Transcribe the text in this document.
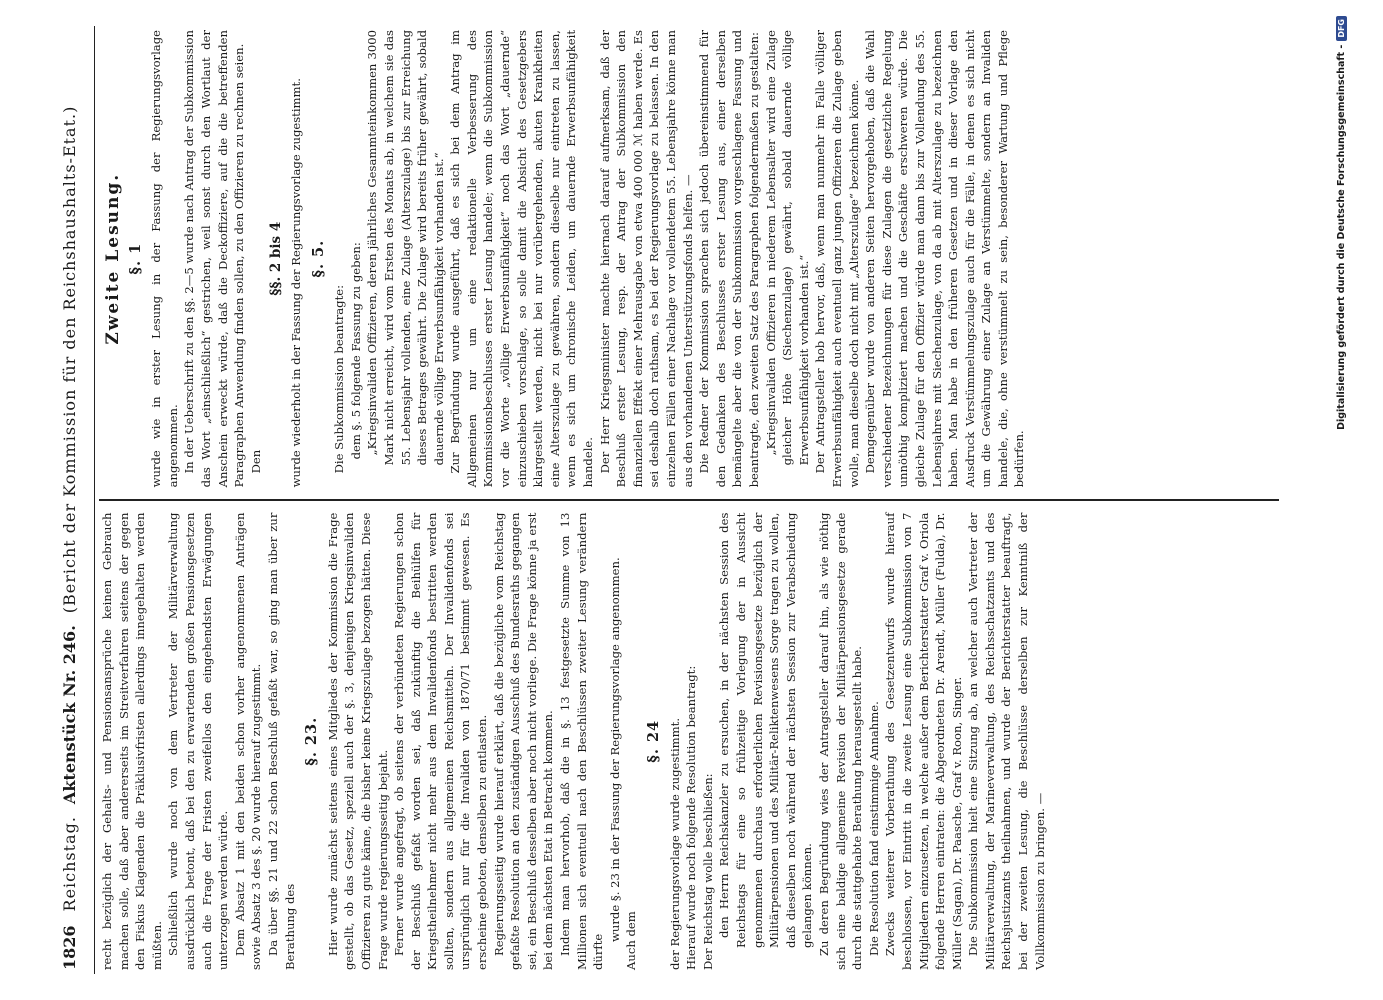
1826
Reichstag.
Aktenstück Nr. 246.
(Bericht der Kommission für den Reichshaushalts-Etat.)

recht bezüglich der Gehalts- und Pensionsansprüche keinen Gebrauch machen solle, daß aber andererseits im Streitverfahren seitens der gegen den Fiskus Klagenden die Präklusivfristen allerdings innegehalten werden müßten. Schließlich wurde noch von dem Vertreter der Militärverwaltung ausdrücklich betont, daß bei den zu erwartenden großen Pensionsgesetzen auch die Frage der Fristen zweifellos den eingehendsten Erwägungen unterzogen werden würde. Dem Absatz 1 mit den beiden schon vorher angenommenen Anträgen sowie Absatz 3 des §. 20 wurde hierauf zugestimmt. Da über §§. 21 und 22 schon Beschluß gefaßt war, so ging man über zur Berathung des

§. 23. Hier wurde zunächst seitens eines Mitgliedes der Kommission die Frage gestellt, ob das Gesetz, speziell auch der §. 3, denjenigen Kriegsinvaliden Offizieren zu gute käme, die bisher keine Kriegszulage bezogen hätten. Diese Frage wurde regierungsseitig bejaht. Ferner wurde angefragt, ob seitens der verbündeten Regierungen schon der Beschluß gefaßt worden sei, daß zukünftig die Beihülfen für Kriegstheilnehmer nicht mehr aus dem Invalidenfonds bestritten werden sollten, sondern aus allgemeinen Reichsmitteln. Der Invalidenfonds sei ursprünglich nur für die Invaliden von 1870/71 bestimmt gewesen. Es erscheine geboten, denselben zu entlasten. Regierungsseitig wurde hierauf erklärt, daß die bezügliche vom Reichstag gefaßte Resolution an den zuständigen Ausschuß des Bundesraths gegangen sei, ein Beschluß desselben aber noch nicht vorliege. Die Frage könne ja erst bei dem nächsten Etat in Betracht kommen. Indem man hervorhob, daß die in §. 13 festgesetzte Summe von 13 Millionen sich eventuell nach den Beschlüssen zweiter Lesung verändern dürfte

wurde §. 23 in der Fassung der Regierungsvorlage angenommen. Auch dem

§. 24 der Regierungsvorlage wurde zugestimmt. Hierauf wurde noch folgende Resolution beantragt: Der Reichstag wolle beschließen: den Herrn Reichskanzler zu ersuchen, in der nächsten Session des Reichstags für eine so frühzeitige Vorlegung der in Aussicht genommenen durchaus erforderlichen Revisionsgesetze bezüglich der Militärpensionen und des Militär-Reliktenwesens Sorge tragen zu wollen, daß dieselben noch während der nächsten Session zur Verabschiedung gelangen können. Zu deren Begründung wies der Antragsteller darauf hin, als wie nöthig sich eine baldige allgemeine Revision der Militärpensionsgesetze gerade durch die stattgehabte Berathung herausgestellt habe. Die Resolution fand einstimmige Annahme. Zwecks weiterer Vorberathung des Gesetzentwurfs wurde hierauf beschlossen, vor Eintritt in die zweite Lesung eine Subkommission von 7 Mitgliedern einzusetzen, in welche außer dem Berichterstatter Graf v. Oriola folgende Herren eintraten: die Abgeordneten Dr. Arendt, Müller (Fulda), Dr. Müller (Sagan), Dr. Paasche, Graf v. Roon, Singer. Die Subkommission hielt eine Sitzung ab, an welcher auch Vertreter der Militärverwaltung, der Marineverwaltung, des Reichsschatzamts und des Reichsjustizamts theilnahmen, und wurde der Berichterstatter beauftragt, bei der zweiten Lesung, die Beschlüsse derselben zur Kenntniß der Vollkommission zu bringen. —

Zweite Lesung. §. 1 wurde wie in erster Lesung in der Fassung der Regierungsvorlage angenommen. In der Ueberschrift zu den §§. 2—5 wurde nach Antrag der Subkommission das Wort „einschließlich“ gestrichen, weil sonst durch den Wortlaut der Anschein erweckt würde, daß die Deckoffiziere, auf die die betreffenden Paragraphen Anwendung finden sollen, zu den Offizieren zu rechnen seien. Den

§§. 2 bis 4 wurde wiederholt in der Fassung der Regierungsvorlage zugestimmt. §. 5.

Die Subkommission beantragte: dem §. 5 folgende Fassung zu geben: „Kriegsinvaliden Offizieren, deren jährliches Gesammteinkommen 3000 Mark nicht erreicht, wird vom Ersten des Monats ab, in welchem sie das 55. Lebensjahr vollenden, eine Zulage (Alterszulage) bis zur Erreichung dieses Betrages gewährt. Die Zulage wird bereits früher gewährt, sobald dauernde völlige Erwerbsunfähigkeit vorhanden ist.“ Zur Begründung wurde ausgeführt, daß es sich bei dem Antrag im Allgemeinen nur um eine redaktionelle Verbesserung des Kommissionsbeschlusses erster Lesung handele; wenn die Subkommission vor die Worte „völlige Erwerbsunfähigkeit“ noch das Wort „dauernde“ einzuschieben vorschlage, so solle damit die Absicht des Gesetzgebers klargestellt werden, nicht bei nur vorübergehenden, akuten Krankheiten eine Alterszulage zu gewähren, sondern dieselbe nur eintreten zu lassen, wenn es sich um chronische Leiden, um dauernde Erwerbsunfähigkeit handele. Der Herr Kriegsminister machte hiernach darauf aufmerksam, daß der Beschluß erster Lesung, resp. der Antrag der Subkommission den finanziellen Effekt einer Mehrausgabe von etwa 400 000 ℳ haben werde. Es sei deshalb doch rathsam, es bei der Regierungsvorlage zu belassen. In den einzelnen Fällen einer Nachlage vor vollendetem 55. Lebensjahre könne man aus den vorhandenen Unterstützungsfonds helfen. — Die Redner der Kommission sprachen sich jedoch übereinstimmend für den Gedanken des Beschlusses erster Lesung aus, einer derselben bemängelte aber die von der Subkommission vorgeschlagene Fassung und beantragte, den zweiten Satz des Paragraphen folgendermaßen zu gestalten: „Kriegsinvaliden Offizieren in niederem Lebensalter wird eine Zulage gleicher Höhe (Siechenzulage) gewährt, sobald dauernde völlige Erwerbsunfähigkeit vorhanden ist.“ Der Antragsteller hob hervor, daß, wenn man nunmehr im Falle völliger Erwerbsunfähigkeit auch eventuell ganz jungen Offizieren die Zulage geben wolle, man dieselbe doch nicht mit „Alterszulage“ bezeichnen könne. Demgegenüber wurde von anderen Seiten hervorgehoben, daß die Wahl verschiedener Bezeichnungen für diese Zulagen die gesetzliche Regelung unnöthig kompliziert machen und die Geschäfte erschweren würde. Die gleiche Zulage für den Offizier würde man dann bis zur Vollendung des 55. Lebensjahres mit Siechenzulage, von da ab mit Alterszulage zu bezeichnen haben. Man habe in den früheren Gesetzen und in dieser Vorlage den Ausdruck Verstümmelungszulage auch für die Fälle, in denen es sich nicht um die Gewährung einer Zulage an Verstümmelte, sondern an Invaliden handele, die, ohne verstümmelt zu sein, besonderer Wartung und Pflege bedürfen.

Digitalisierung gefördert durch die Deutsche Forschungsgemeinschaft -
DFG
